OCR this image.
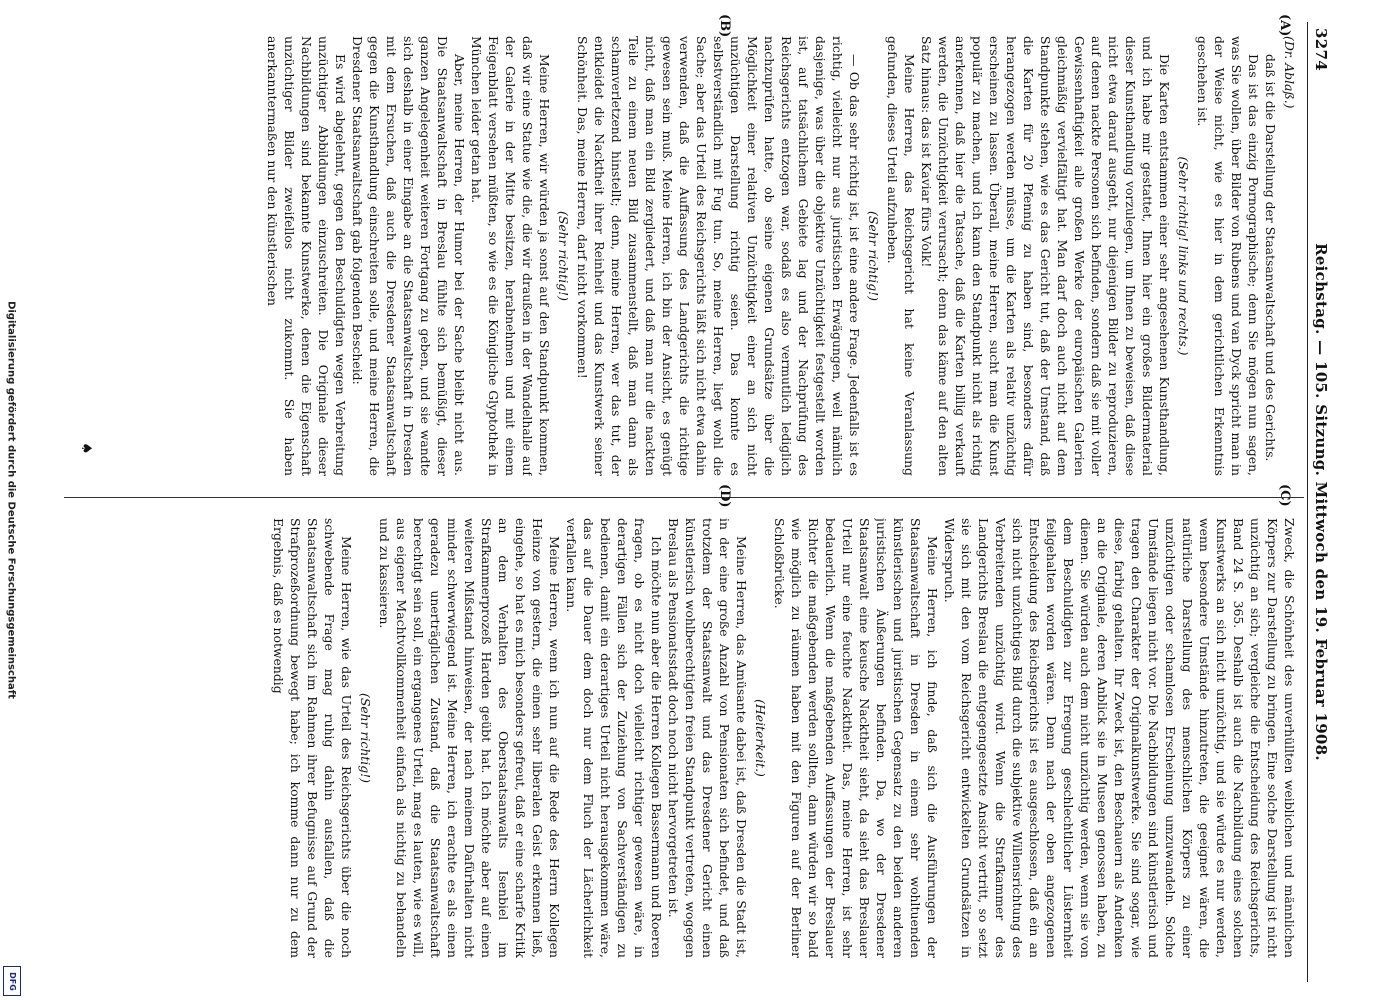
Digitalisierung gefördert durch die Deutsche Forschungsgemeinschaft
DFG
3274
Reichstag. — 105. Sitzung. Mittwoch den 19. Februar 1908.

(Dr. Ablaß.)

daß ist die Darstellung der Staatsanwaltschaft und des Gerichts.

Das ist das einzig Pornographische; denn Sie mögen nun sagen, was Sie wollen, über Bilder von Rubens und van Dyck spricht man in der Weise nicht, wie es hier in dem gerichtlichen Erkenntnis geschehen ist.

(Sehr richtig! links und rechts.)

Die Karten entstammen einer sehr angesehenen Kunsthandlung, und ich habe mir gestattet, Ihnen hier ein großes Bildermaterial dieser Kunsthandlung vorzulegen, um Ihnen zu beweisen, daß diese nicht etwa darauf ausgeht, nur diejenigen Bilder zu reproduzieren, auf denen nackte Personen sich befinden, sondern daß sie mit voller Gewissenhaftigkeit alle großen Werke der europäischen Galerien gleichmäßig vervielfältigt hat. Man darf doch auch nicht auf dem Standpunkte stehen, wie es das Gericht tut, daß der Umstand, daß die Karten für 20 Pfennig zu haben sind, besonders dafür herangezogen werden müsse, um die Karten als relativ unzüchtig erscheinen zu lassen. Überall, meine Herren, sucht man die Kunst populär zu machen, und ich kann den Standpunkt nicht als richtig anerkennen, daß hier die Tatsache, daß die Karten billig verkauft werden, die Unzüchtigkeit verursacht; denn das käme auf den alten Satz hinaus: das ist Kaviar fürs Volk!

Meine Herren, das Reichsgericht hat keine Veranlassung gefunden, dieses Urteil aufzuheben.

(Sehr richtig!)

— Ob das sehr richtig ist, ist eine andere Frage. Jedenfalls ist es richtig, vielleicht nur aus juristischen Erwägungen, weil nämlich dasjenige, was über die objektive Unzüchtigkeit festgestellt worden ist, auf tatsächlichem Gebiete lag und der Nachprüfung des Reichsgerichts entzogen war, sodaß es also vermutlich lediglich nachzuprüfen hatte, ob seine eigenen Grundsätze über die Möglichkeit einer relativen Unzüchtigkeit einer an sich nicht unzüchtigen Darstellung richtig seien. Das konnte es selbstverständlich mit Fug tun. So, meine Herren, liegt wohl die Sache; aber das Urteil des Reichsgerichts läßt sich nicht etwa dahin verwenden, daß die Auffassung des Landgerichts die richtige gewesen sein muß. Meine Herren, ich bin der Ansicht, es genügt nicht, daß man ein Bild zergliedert, und daß man nur die nackten Teile zu einem neuen Bild zusammenstellt, daß man dann als schamverletzend hinstellt; denn, meine Herren, wer das tut, der entkleidet die Nacktheit ihrer Reinheit und das Kunstwerk seiner Schönheit. Das, meine Herren, darf nicht vorkommen!

(Sehr richtig!)

Meine Herren, wir würden ja sonst auf den Standpunkt kommen, daß wir eine Statue wie die, die wir draußen in der Wandelhalle auf der Galerie in der Mitte besitzen, herabnehmen und mit einem Feigenblatt versehen müßten, so wie es die Königliche Glyptothek in München leider getan hat.

Aber, meine Herren, der Humor bei der Sache bleibt nicht aus. Die Staatsanwaltschaft in Breslau fühlte sich bemüßigt, dieser ganzen Angelegenheit weiteren Fortgang zu geben, und sie wandte sich deshalb in einer Eingabe an die Staatsanwaltschaft in Dresden mit dem Ersuchen, daß auch die Dresdener Staatsanwaltschaft gegen die Kunsthandlung einschreiten solle, und meine Herren, die Dresdener Staatsanwaltschaft gab folgenden Bescheid:

Es wird abgelehnt, gegen den Beschuldigten wegen Verbreitung unzüchtiger Abbildungen einzuschreiten. Die Originale dieser Nachbildungen sind bekannte Kunstwerke, denen die Eigenschaft unzüchtiger Bilder zweifellos nicht zukommt. Sie haben anerkanntermaßen nur den künstlerischen

Zweck, die Schönheit des unverhüllten weiblichen und männlichen Körpers zur Darstellung zu bringen. Eine solche Darstellung ist nicht unzüchtig an sich; vergleiche die Entscheidung des Reichsgerichts, Band 24 S. 365. Deshalb ist auch die Nachbildung eines solchen Kunstwerks an sich nicht unzüchtig, und sie würde es nur werden, wenn besondere Umstände hinzutreten, die geeignet wären, die natürliche Darstellung des menschlichen Körpers zu einer unzüchtigen oder schamlosen Erscheinung umzuwandeln. Solche Umstände liegen nicht vor. Die Nachbildungen sind künstlerisch und tragen den Charakter der Originalkunstwerke. Sie sind sogar, wie diese, farbig gehalten. Ihr Zweck ist, den Beschauern als Andenken an die Originale, deren Anblick sie in Museen genossen haben, zu dienen. Sie würden auch dem nicht unzüchtig werden, wenn sie von dem Beschuldigten zur Erregung geschlechtlicher Lüsternheit feilgehalten worden wären. Denn nach der oben angezogenen Entscheidung des Reichsgerichts ist es ausgeschlossen, daß ein an sich nicht unzüchtiges Bild durch die subjektive Willensrichtung des Verbreitenden unzüchtig wird. Wenn die Strafkammer des Landgerichts Breslau die entgegengesetzte Ansicht vertritt, so setzt sie sich mit den vom Reichsgericht entwickelten Grundsätzen in Widerspruch.

Meine Herren, ich finde, daß sich die Ausführungen der Staatsanwaltschaft in Dresden in einem sehr wohltuenden künstlerischen und juristischen Gegensatz zu den beiden anderen juristischen Äußerungen befinden. Da, wo der Dresdener Staatsanwalt eine keusche Nacktheit sieht, da sieht das Breslauer Urteil nur eine feuchte Nacktheit. Das, meine Herren, ist sehr bedauerlich. Wenn die maßgebenden Auffassungen der Breslauer Richter die maßgebenden werden sollten, dann würden wir so bald wie möglich zu räumen haben mit den Figuren auf der Berliner Schloßbrücke.

(Heiterkeit.)

Meine Herren, das Amüsante dabei ist, daß Dresden die Stadt ist, in der eine große Anzahl von Pensionaten sich befindet, und daß trotzdem der Staatsanwalt und das Dresdener Gericht einen künstlerisch wohlberechtigten freien Standpunkt vertreten, wogegen Breslau als Pensionatsstadt doch noch nicht hervorgetreten ist.

Ich möchte nun aber die Herren Kollegen Bassermann und Roeren fragen, ob es nicht doch vielleicht richtiger gewesen wäre, in derartigen Fällen sich der Zuziehung von Sachverständigen zu bedienen, damit ein derartiges Urteil nicht herausgekommen wäre, das auf die Dauer dem doch nur dem Fluch der Lächerlichkeit verfallen kann.

Meine Herren, wenn ich nun auf die Rede des Herrn Kollegen Heinze von gestern, die einen sehr liberalen Geist erkennen ließ, eingehe, so hat es mich besonders gefreut, daß er eine scharfe Kritik an dem Verhalten des Oberstaatsanwalts Isenbiel im Strafkammerprozeß Harden geübt hat. Ich möchte aber auf einen weiteren Mißstand hinweisen, der nach meinem Dafürhalten nicht minder schwerwiegend ist. Meine Herren, ich erachte es als einen geradezu unerträglichen Zustand, daß die Staatsanwaltschaft berechtigt sein soll, ein ergangenes Urteil, mag es lauten, wie es will, aus eigener Machtvollkommenheit einfach als nichtig zu behandeln und zu kassieren.

(Sehr richtig!)

Meine Herren, wie das Urteil des Reichsgerichts über die noch schwebende Frage mag ruhig dahin ausfallen, daß die Staatsanwaltschaft sich im Rahmen ihrer Befugnisse auf Grund der Strafprozeßordnung bewegt habe; ich komme dann nur zu dem Ergebnis, daß es notwendig

(A)
(B)
(C)
(D)
♠
